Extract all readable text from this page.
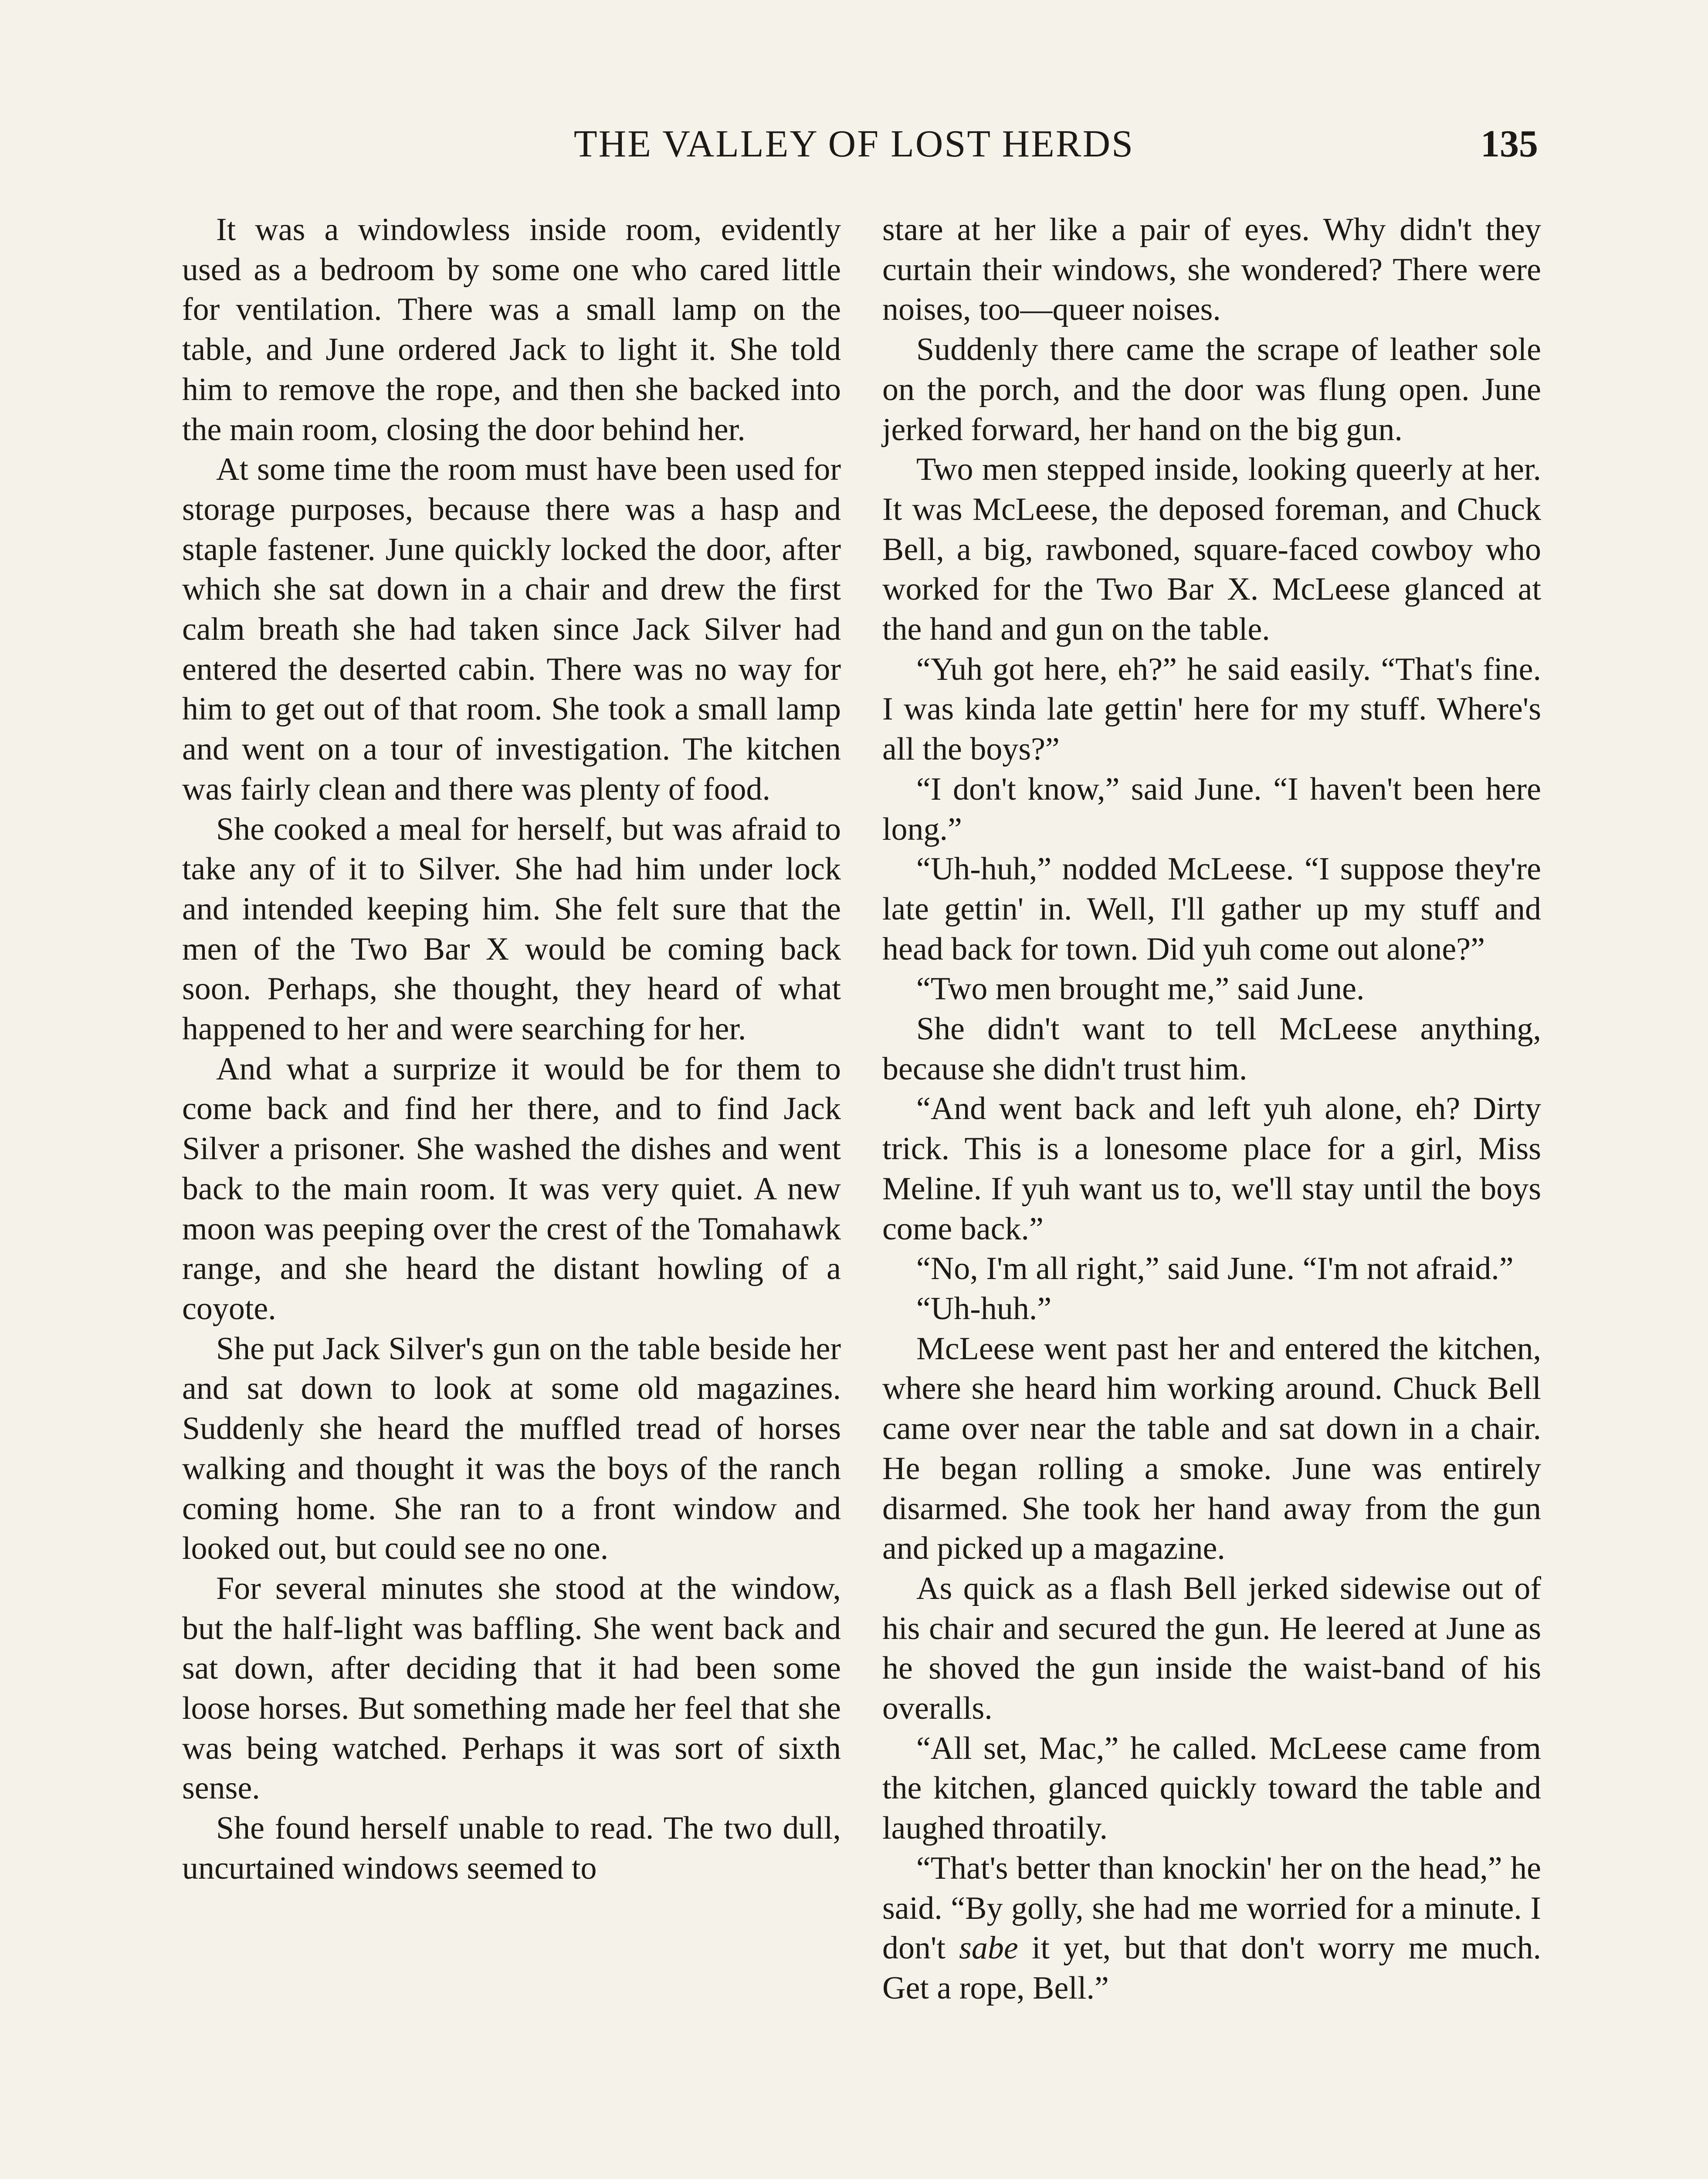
THE VALLEY OF LOST HERDS	135

It was a windowless inside room, evidently used as a bedroom by some one who cared little for ventilation. There was a small lamp on the table, and June ordered Jack to light it. She told him to remove the rope, and then she backed into the main room, closing the door behind her.

At some time the room must have been used for storage purposes, because there was a hasp and staple fastener. June quickly locked the door, after which she sat down in a chair and drew the first calm breath she had taken since Jack Silver had entered the deserted cabin. There was no way for him to get out of that room. She took a small lamp and went on a tour of investigation. The kitchen was fairly clean and there was plenty of food.

She cooked a meal for herself, but was afraid to take any of it to Silver. She had him under lock and intended keeping him. She felt sure that the men of the Two Bar X would be coming back soon. Perhaps, she thought, they heard of what happened to her and were searching for her.

And what a surprize it would be for them to come back and find her there, and to find Jack Silver a prisoner. She washed the dishes and went back to the main room. It was very quiet. A new moon was peeping over the crest of the Tomahawk range, and she heard the distant howling of a coyote.

She put Jack Silver's gun on the table beside her and sat down to look at some old magazines. Suddenly she heard the muffled tread of horses walking and thought it was the boys of the ranch coming home. She ran to a front window and looked out, but could see no one.

For several minutes she stood at the window, but the half-light was baffling. She went back and sat down, after deciding that it had been some loose horses. But something made her feel that she was being watched. Perhaps it was sort of sixth sense.

She found herself unable to read. The two dull, uncurtained windows seemed to

stare at her like a pair of eyes. Why didn't they curtain their windows, she wondered? There were noises, too—queer noises.

Suddenly there came the scrape of leather sole on the porch, and the door was flung open. June jerked forward, her hand on the big gun.

Two men stepped inside, looking queerly at her. It was McLeese, the deposed foreman, and Chuck Bell, a big, rawboned, square-faced cowboy who worked for the Two Bar X. McLeese glanced at the hand and gun on the table.

“Yuh got here, eh?” he said easily. “That's fine. I was kinda late gettin' here for my stuff. Where's all the boys?”

“I don't know,” said June. “I haven't been here long.”

“Uh-huh,” nodded McLeese. “I suppose they're late gettin' in. Well, I'll gather up my stuff and head back for town. Did yuh come out alone?”

“Two men brought me,” said June.

She didn't want to tell McLeese anything, because she didn't trust him.

“And went back and left yuh alone, eh? Dirty trick. This is a lonesome place for a girl, Miss Meline. If yuh want us to, we'll stay until the boys come back.”

“No, I'm all right,” said June. “I'm not afraid.”

“Uh-huh.”

McLeese went past her and entered the kitchen, where she heard him working around. Chuck Bell came over near the table and sat down in a chair. He began rolling a smoke. June was entirely disarmed. She took her hand away from the gun and picked up a magazine.

As quick as a flash Bell jerked sidewise out of his chair and secured the gun. He leered at June as he shoved the gun inside the waist-band of his overalls.

“All set, Mac,” he called. McLeese came from the kitchen, glanced quickly toward the table and laughed throatily.

“That's better than knockin' her on the head,” he said. “By golly, she had me worried for a minute. I don't sabe it yet, but that don't worry me much. Get a rope, Bell.”
